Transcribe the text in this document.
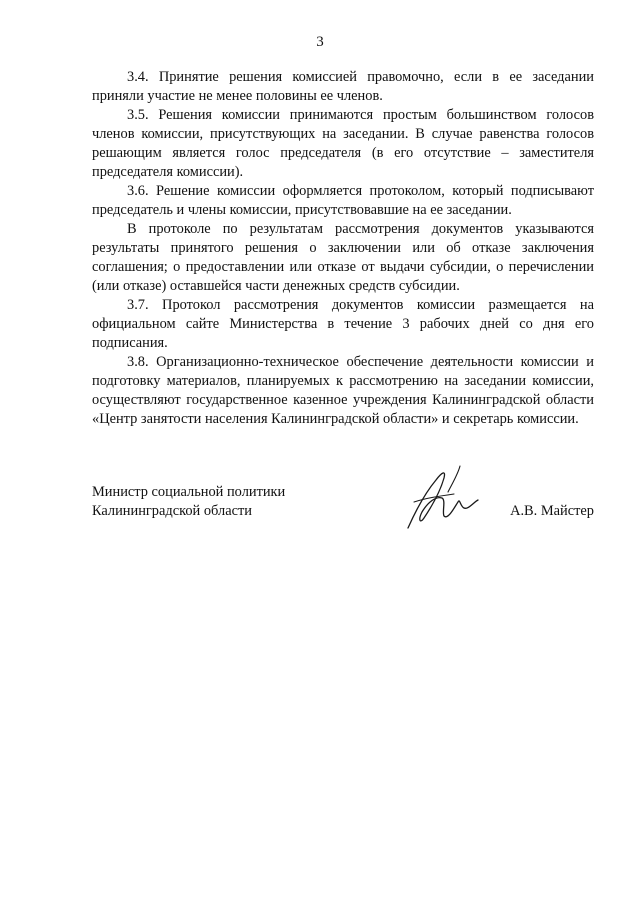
3

3.4. Принятие решения комиссией правомочно, если в ее заседании приняли участие не менее половины ее членов.

3.5. Решения комиссии принимаются простым большинством голосов членов комиссии, присутствующих на заседании. В случае равенства голосов решающим является голос председателя (в его отсутствие – заместителя председателя комиссии).

3.6. Решение комиссии оформляется протоколом, который подписывают председатель и члены комиссии, присутствовавшие на ее заседании.

В протоколе по результатам рассмотрения документов указываются результаты принятого решения о заключении или об отказе заключения соглашения; о предоставлении или отказе от выдачи субсидии, о перечислении (или отказе) оставшейся части денежных средств субсидии.

3.7. Протокол рассмотрения документов комиссии размещается на официальном сайте Министерства в течение 3 рабочих дней со дня его подписания.

3.8. Организационно-техническое обеспечение деятельности комиссии и подготовку материалов, планируемых к рассмотрению на заседании комиссии, осуществляют государственное казенное учреждения Калининградской области «Центр занятости населения Калининградской области» и секретарь комиссии.

Министр социальной политики
Калининградской области	А.В. Майстер
